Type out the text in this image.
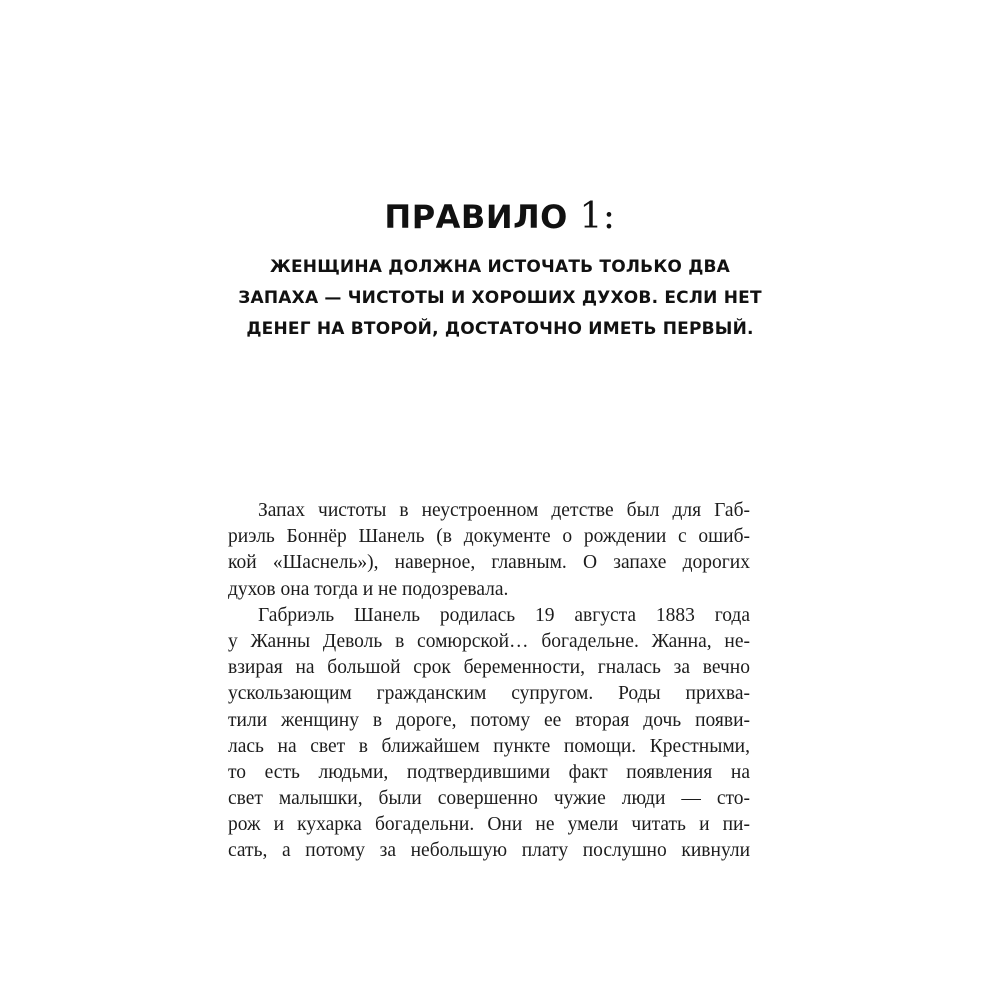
ПРАВИЛО 1:
ЖЕНЩИНА ДОЛЖНА ИСТОЧАТЬ ТОЛЬКО ДВА
ЗАПАХА — ЧИСТОТЫ И ХОРОШИХ ДУХОВ. ЕСЛИ НЕТ
ДЕНЕГ НА ВТОРОЙ, ДОСТАТОЧНО ИМЕТЬ ПЕРВЫЙ.
Запах чистоты в неустроенном детстве был для Габ-
риэль Боннёр Шанель (в документе о рождении с ошиб-
кой «Шаснель»), наверное, главным. О запахе дорогих
духов она тогда и не подозревала.
Габриэль Шанель родилась 19 августа 1883 года
у Жанны Деволь в сомюрской… богадельне. Жанна, не-
взирая на большой срок беременности, гналась за вечно
ускользающим гражданским супругом. Роды прихва-
тили женщину в дороге, потому ее вторая дочь появи-
лась на свет в ближайшем пункте помощи. Крестными,
то есть людьми, подтвердившими факт появления на
свет малышки, были совершенно чужие люди — сто-
рож и кухарка богадельни. Они не умели читать и пи-
сать, а потому за небольшую плату послушно кивнули
